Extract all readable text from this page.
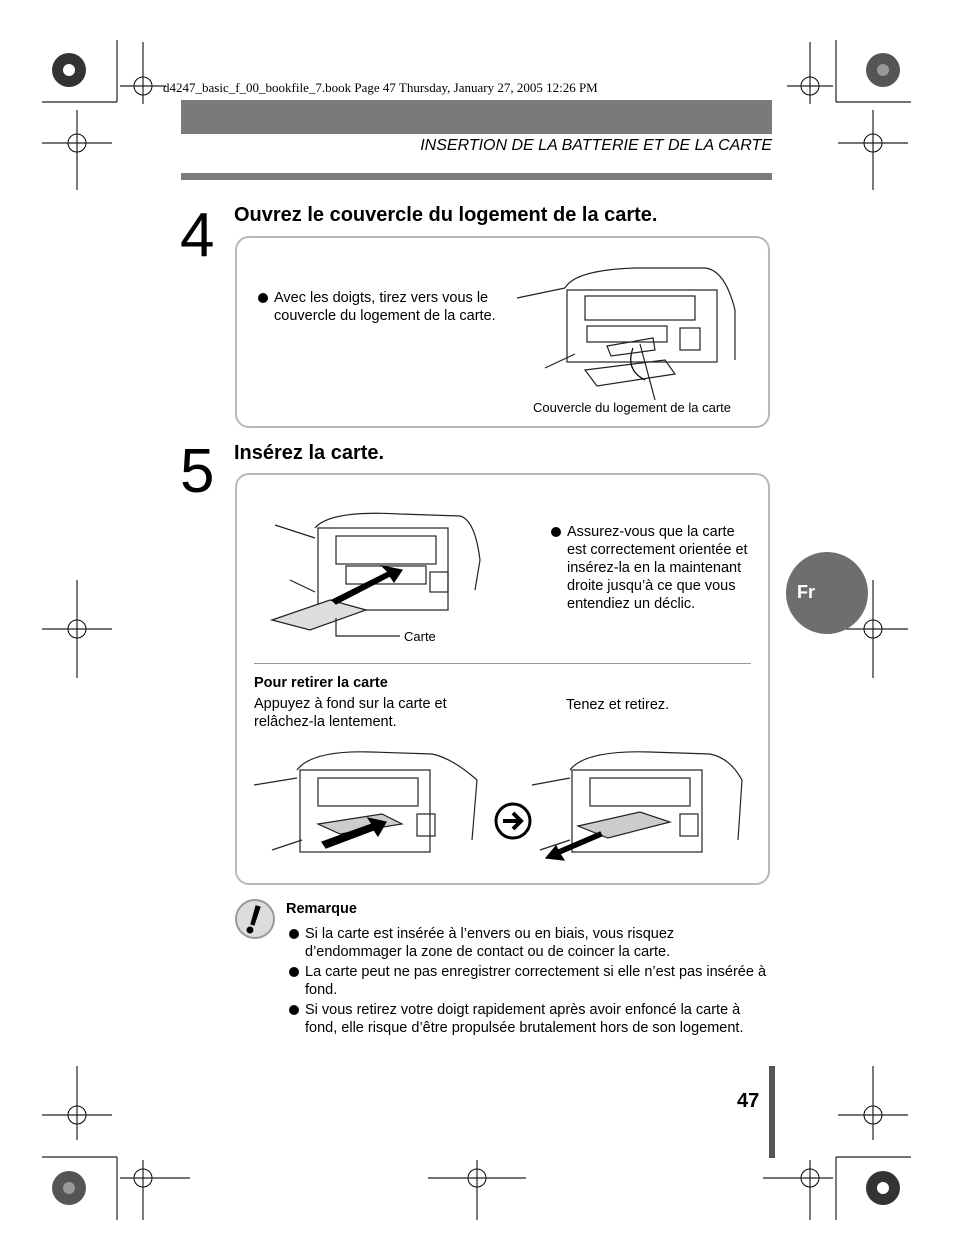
d4247_basic_f_00_bookfile_7.book Page 47 Thursday, January 27, 2005 12:26 PM
INSERTION DE LA BATTERIE ET DE LA CARTE
4 Ouvrez le couvercle du logement de la carte.
Avec les doigts, tirez vers vous le couvercle du logement de la carte.
Couvercle du logement de la carte
5 Insérez la carte.
Carte
Assurez-vous que la carte est correctement orientée et insérez-la en la maintenant droite jusqu’à ce que vous entendiez un déclic.
Pour retirer la carte
Appuyez à fond sur la carte et relâchez-la lentement.
Tenez et retirez.
Remarque
Si la carte est insérée à l’envers ou en biais, vous risquez d’endommager la zone de contact ou de coincer la carte.
La carte peut ne pas enregistrer correctement si elle n’est pas insérée à fond.
Si vous retirez votre doigt rapidement après avoir enfoncé la carte à fond, elle risque d’être propulsée brutalement hors de son logement.
Fr
47
